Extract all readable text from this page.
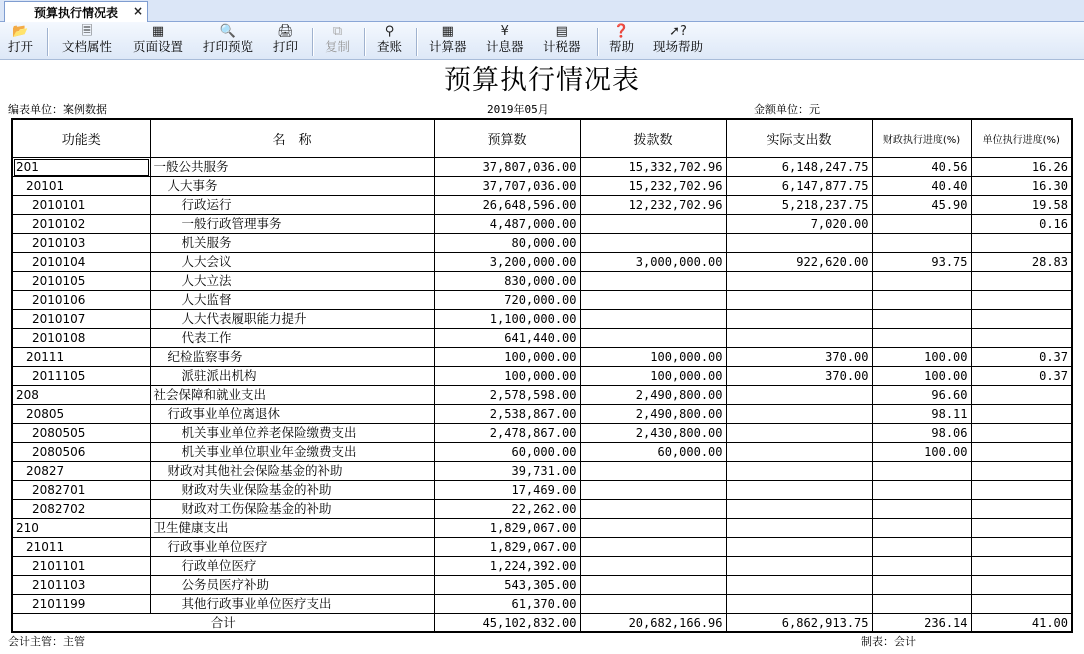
预算执行情况表 ×
📂
打开
🗏
文档属性
▦
页面设置
🔍
打印预览
🖨
打印
⧉
复制
⚲
查账
▦
计算器
¥
计息器
▤
计税器
❓
帮助
➚?
现场帮助
预算执行情况表
编表单位：案例数据	2019年05月	金额单位：元
功能类	名　称	预算数	拨款数	实际支出数	财政执行进度(%)	单位执行进度(%)
201	一般公共服务	37,807,036.00	15,332,702.96	6,148,247.75	40.56	16.26
20101	人大事务	37,707,036.00	15,232,702.96	6,147,877.75	40.40	16.30
2010101	行政运行	26,648,596.00	12,232,702.96	5,218,237.75	45.90	19.58
2010102	一般行政管理事务	4,487,000.00		7,020.00		0.16
2010103	机关服务	80,000.00				
2010104	人大会议	3,200,000.00	3,000,000.00	922,620.00	93.75	28.83
2010105	人大立法	830,000.00				
2010106	人大监督	720,000.00				
2010107	人大代表履职能力提升	1,100,000.00				
2010108	代表工作	641,440.00				
20111	纪检监察事务	100,000.00	100,000.00	370.00	100.00	0.37
2011105	派驻派出机构	100,000.00	100,000.00	370.00	100.00	0.37
208	社会保障和就业支出	2,578,598.00	2,490,800.00		96.60	
20805	行政事业单位离退休	2,538,867.00	2,490,800.00		98.11	
2080505	机关事业单位养老保险缴费支出	2,478,867.00	2,430,800.00		98.06	
2080506	机关事业单位职业年金缴费支出	60,000.00	60,000.00		100.00	
20827	财政对其他社会保险基金的补助	39,731.00				
2082701	财政对失业保险基金的补助	17,469.00				
2082702	财政对工伤保险基金的补助	22,262.00				
210	卫生健康支出	1,829,067.00				
21011	行政事业单位医疗	1,829,067.00				
2101101	行政单位医疗	1,224,392.00				
2101103	公务员医疗补助	543,305.00				
2101199	其他行政事业单位医疗支出	61,370.00				
合计		45,102,832.00	20,682,166.96	6,862,913.75	236.14	41.00
会计主管：主管	制表：会计
